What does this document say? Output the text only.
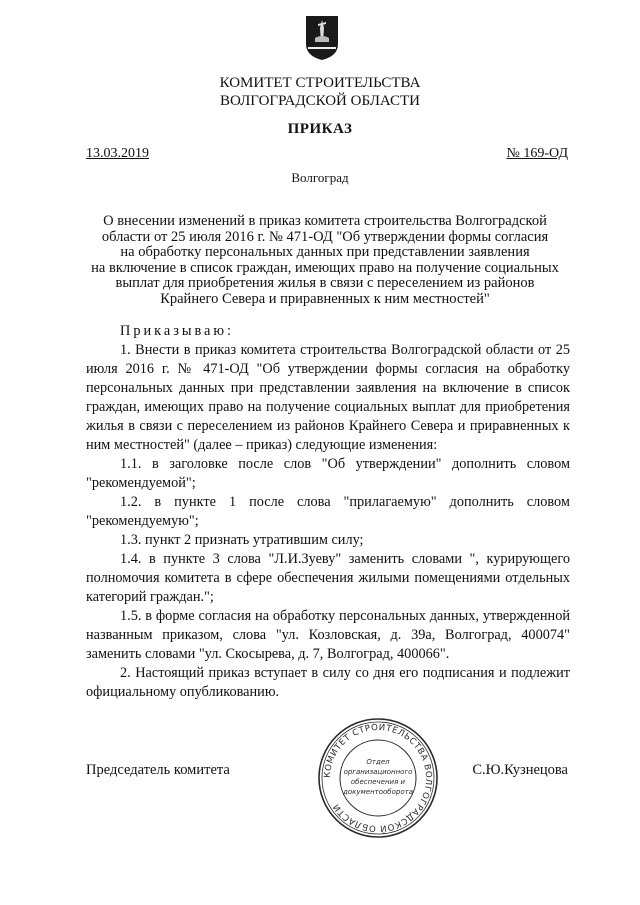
КОМИТЕТ СТРОИТЕЛЬСТВА
ВОЛГОГРАДСКОЙ ОБЛАСТИ
ПРИКАЗ
13.03.2019	№ 169-ОД
Волгоград
О внесении изменений в приказ комитета строительства Волгоградской
области от 25 июля 2016 г. № 471-ОД "Об утверждении формы согласия
на обработку персональных данных при представлении заявления
на включение в список граждан, имеющих право на получение социальных
выплат для приобретения жилья в связи с переселением из районов
Крайнего Севера и приравненных к ним местностей"

Приказываю:

1. Внести в приказ комитета строительства Волгоградской области от 25 июля 2016 г. № 471-ОД "Об утверждении формы согласия на обработку персональных данных при представлении заявления на включение в список граждан, имеющих право на получение социальных выплат для приобретения жилья в связи с переселением из районов Крайнего Севера и приравненных к ним местностей" (далее – приказ) следующие изменения:

1.1. в заголовке после слов "Об утверждении" дополнить словом "рекомендуемой";

1.2. в пункте 1 после слова "прилагаемую" дополнить словом "рекомендуемую";

1.3. пункт 2 признать утратившим силу;

1.4. в пункте 3 слова "Л.И.Зуеву" заменить словами ", курирующего полномочия комитета в сфере обеспечения жилыми помещениями отдельных категорий граждан.";

1.5. в форме согласия на обработку персональных данных, утвержденной названным приказом, слова "ул. Козловская, д. 39а, Волгоград, 400074" заменить словами "ул. Скосырева, д. 7, Волгоград, 400066".

2. Настоящий приказ вступает в силу со дня его подписания и подлежит официальному опубликованию.

Председатель комитета	С.Ю.Кузнецова
КОМИТЕТ СТРОИТЕЛЬСТВА ВОЛГОГРАДСКОЙ ОБЛАСТИ
Отдел
организационного
обеспечения и
документооборота
